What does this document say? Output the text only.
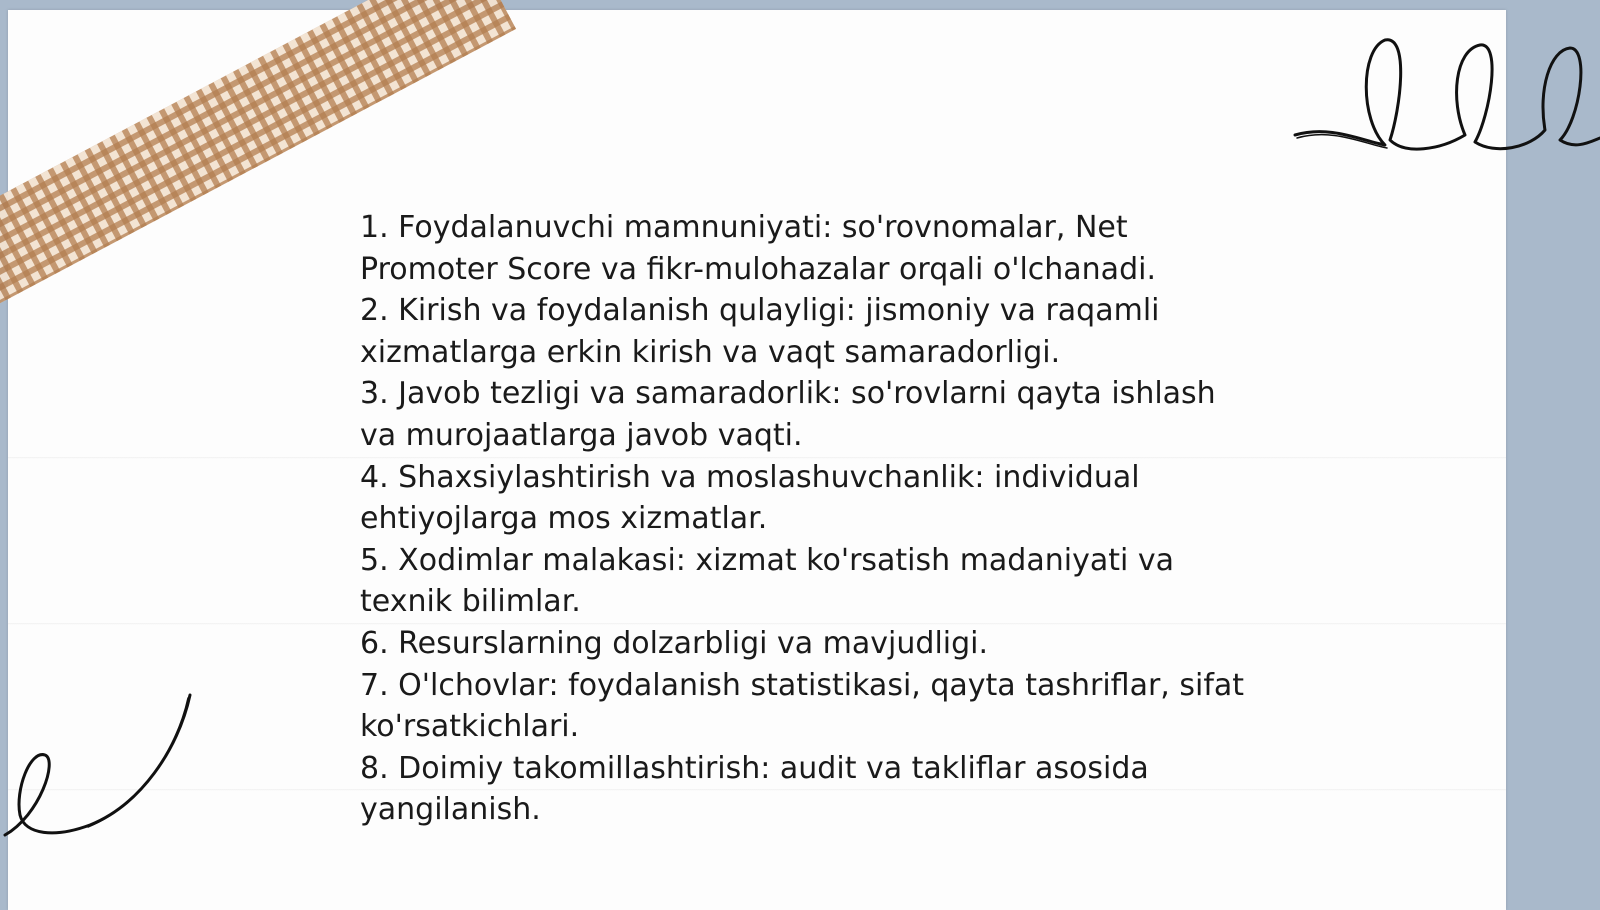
1. Foydalanuvchi mamnuniyati: so'rovnomalar, Net Promoter Score va fikr-mulohazalar orqali o'lchanadi.
2. Kirish va foydalanish qulayligi: jismoniy va raqamli xizmatlarga erkin kirish va vaqt samaradorligi.
3. Javob tezligi va samaradorlik: so'rovlarni qayta ishlash va murojaatlarga javob vaqti.
4. Shaxsiylashtirish va moslashuvchanlik: individual ehtiyojlarga mos xizmatlar.
5. Xodimlar malakasi: xizmat ko'rsatish madaniyati va texnik bilimlar.
6. Resurslarning dolzarbligi va mavjudligi.
7. O'lchovlar: foydalanish statistikasi, qayta tashriflar, sifat ko'rsatkichlari.
8. Doimiy takomillashtirish: audit va takliflar asosida yangilanish.
